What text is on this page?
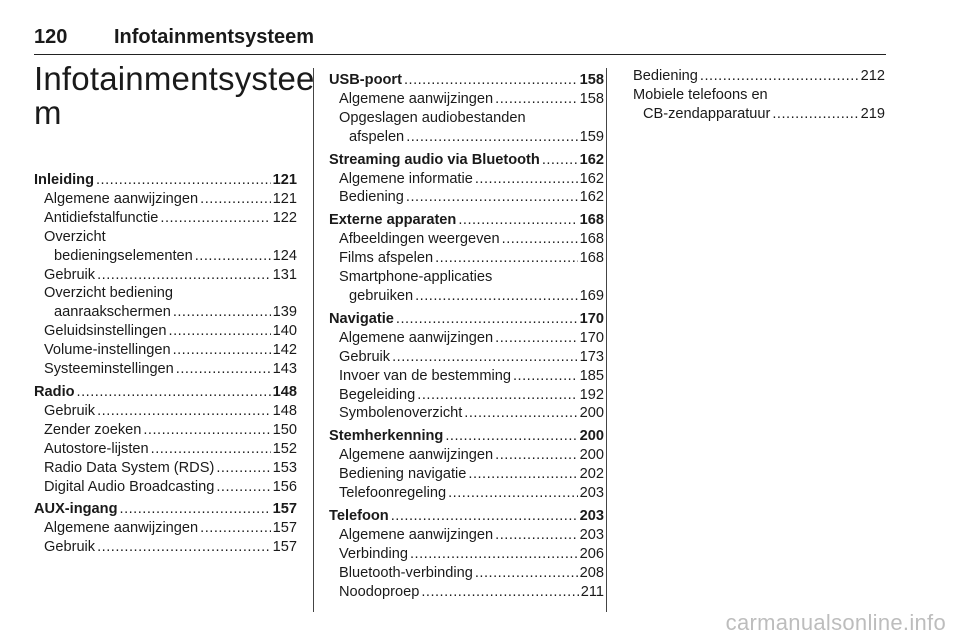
120 Infotainmentsysteem
Infotainmentsystee
m
Inleiding .....	121
Algemene aanwijzingen .....	121
Antidiefstalfunctie .....	122
Overzicht
bedieningselementen .....	124
Gebruik .....	131
Overzicht bediening
aanraakschermen .....	139
Geluidsinstellingen .....	140
Volume-instellingen .....	142
Systeeminstellingen .....	143
Radio .....	148
Gebruik .....	148
Zender zoeken .....	150
Autostore-lijsten .....	152
Radio Data System (RDS) .....	153
Digital Audio Broadcasting .....	156
AUX-ingang .....	157
Algemene aanwijzingen .....	157
Gebruik .....	157
USB-poort .....	158
Algemene aanwijzingen .....	158
Opgeslagen audiobestanden
afspelen .....	159
Streaming audio via Bluetooth .....	162
Algemene informatie .....	162
Bediening .....	162
Externe apparaten .....	168
Afbeeldingen weergeven .....	168
Films afspelen .....	168
Smartphone-applicaties
gebruiken .....	169
Navigatie .....	170
Algemene aanwijzingen .....	170
Gebruik .....	173
Invoer van de bestemming .....	185
Begeleiding .....	192
Symbolenoverzicht .....	200
Stemherkenning .....	200
Algemene aanwijzingen .....	200
Bediening navigatie .....	202
Telefoonregeling .....	203
Telefoon .....	203
Algemene aanwijzingen .....	203
Verbinding .....	206
Bluetooth-verbinding .....	208
Noodoproep .....	211
Bediening .....	212
Mobiele telefoons en
CB-zendapparatuur .....	219
carmanualsonline.info
